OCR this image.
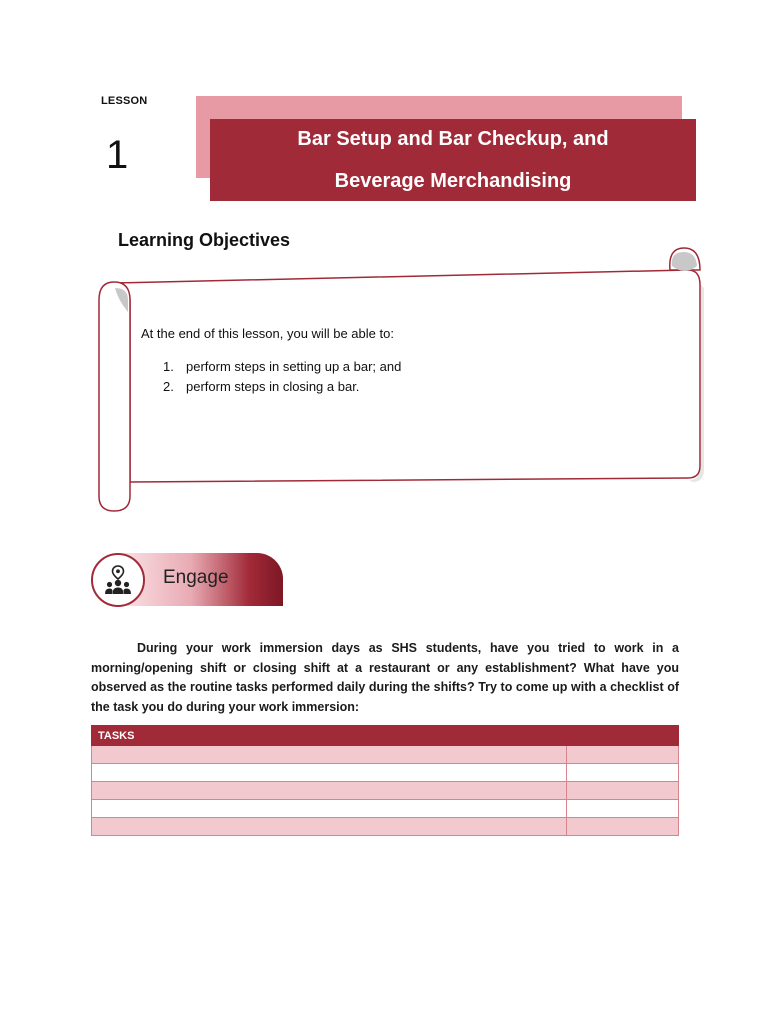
LESSON
1	Bar Setup and Bar Checkup, and
Beverage Merchandising
Learning Objectives
At the end of this lesson, you will be able to:
1. perform steps in setting up a bar; and
2. perform steps in closing a bar.
Engage
During your work immersion days as SHS students, have you tried to work in a morning/opening shift or closing shift at a restaurant or any establishment? What have you observed as the routine tasks performed daily during the shifts? Try to come up with a checklist of the task you do during your work immersion:
TASKS	
